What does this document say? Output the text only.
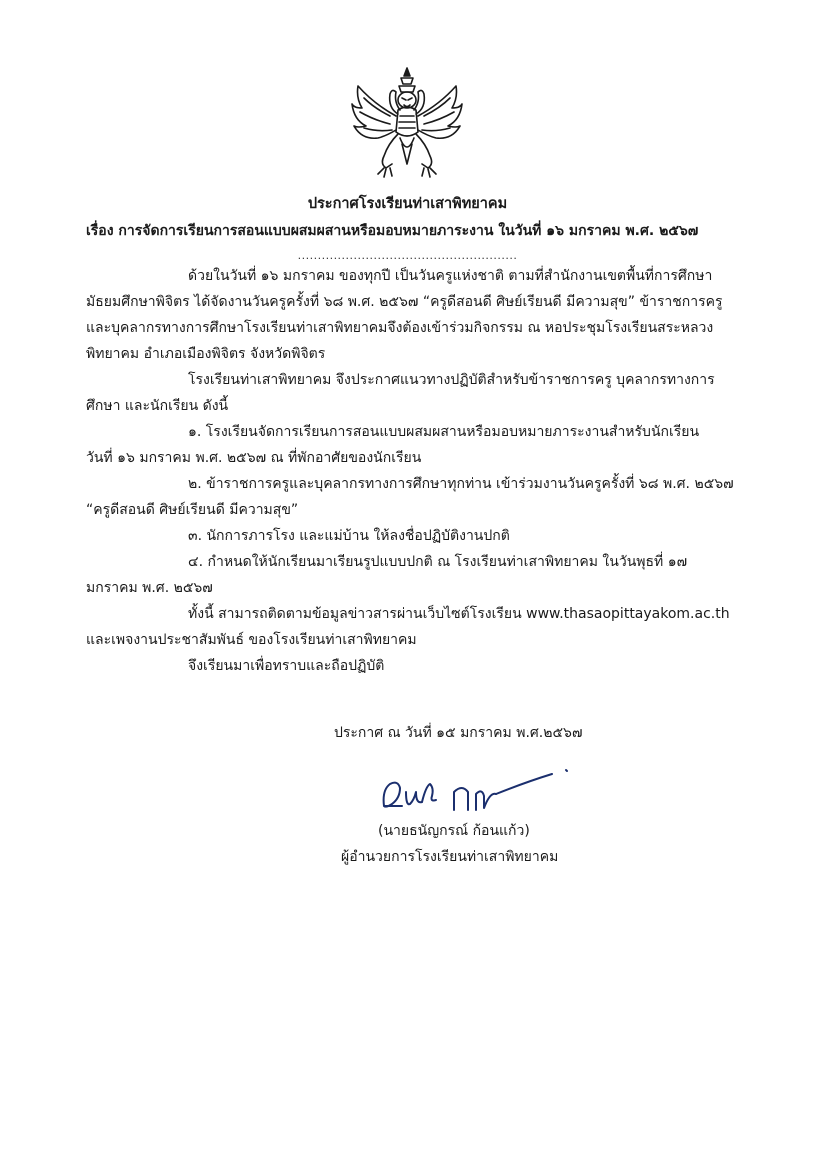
ประกาศโรงเรียนท่าเสาพิทยาคม
เรื่อง การจัดการเรียนการสอนแบบผสมผสานหรือมอบหมายภาระงาน ในวันที่ ๑๖ มกราคม พ.ศ. ๒๕๖๗
.......................................................
ด้วยในวันที่ ๑๖ มกราคม ของทุกปี เป็นวันครูแห่งชาติ ตามที่สำนักงานเขตพื้นที่การศึกษา
มัธยมศึกษาพิจิตร ได้จัดงานวันครูครั้งที่ ๖๘ พ.ศ. ๒๕๖๗ “ครูดีสอนดี ศิษย์เรียนดี มีความสุข” ข้าราชการครู
และบุคลากรทางการศึกษาโรงเรียนท่าเสาพิทยาคมจึงต้องเข้าร่วมกิจกรรม ณ หอประชุมโรงเรียนสระหลวง
พิทยาคม อำเภอเมืองพิจิตร จังหวัดพิจิตร
โรงเรียนท่าเสาพิทยาคม จึงประกาศแนวทางปฏิบัติสำหรับข้าราชการครู บุคลากรทางการ
ศึกษา และนักเรียน ดังนี้
๑. โรงเรียนจัดการเรียนการสอนแบบผสมผสานหรือมอบหมายภาระงานสำหรับนักเรียน
วันที่ ๑๖ มกราคม พ.ศ. ๒๕๖๗ ณ ที่พักอาศัยของนักเรียน
๒. ข้าราชการครูและบุคลากรทางการศึกษาทุกท่าน เข้าร่วมงานวันครูครั้งที่ ๖๘ พ.ศ. ๒๕๖๗
“ครูดีสอนดี ศิษย์เรียนดี มีความสุข”
๓. นักการภารโรง และแม่บ้าน ให้ลงชื่อปฏิบัติงานปกติ
๔. กำหนดให้นักเรียนมาเรียนรูปแบบปกติ ณ โรงเรียนท่าเสาพิทยาคม ในวันพุธที่ ๑๗
มกราคม พ.ศ. ๒๕๖๗
ทั้งนี้ สามารถติดตามข้อมูลข่าวสารผ่านเว็บไซต์โรงเรียน www.thasaopittayakom.ac.th
และเพจงานประชาสัมพันธ์ ของโรงเรียนท่าเสาพิทยาคม
จึงเรียนมาเพื่อทราบและถือปฏิบัติ
ประกาศ ณ วันที่ ๑๕ มกราคม พ.ศ.๒๕๖๗
(นายธนัญกรณ์ ก้อนแก้ว)
ผู้อำนวยการโรงเรียนท่าเสาพิทยาคม
